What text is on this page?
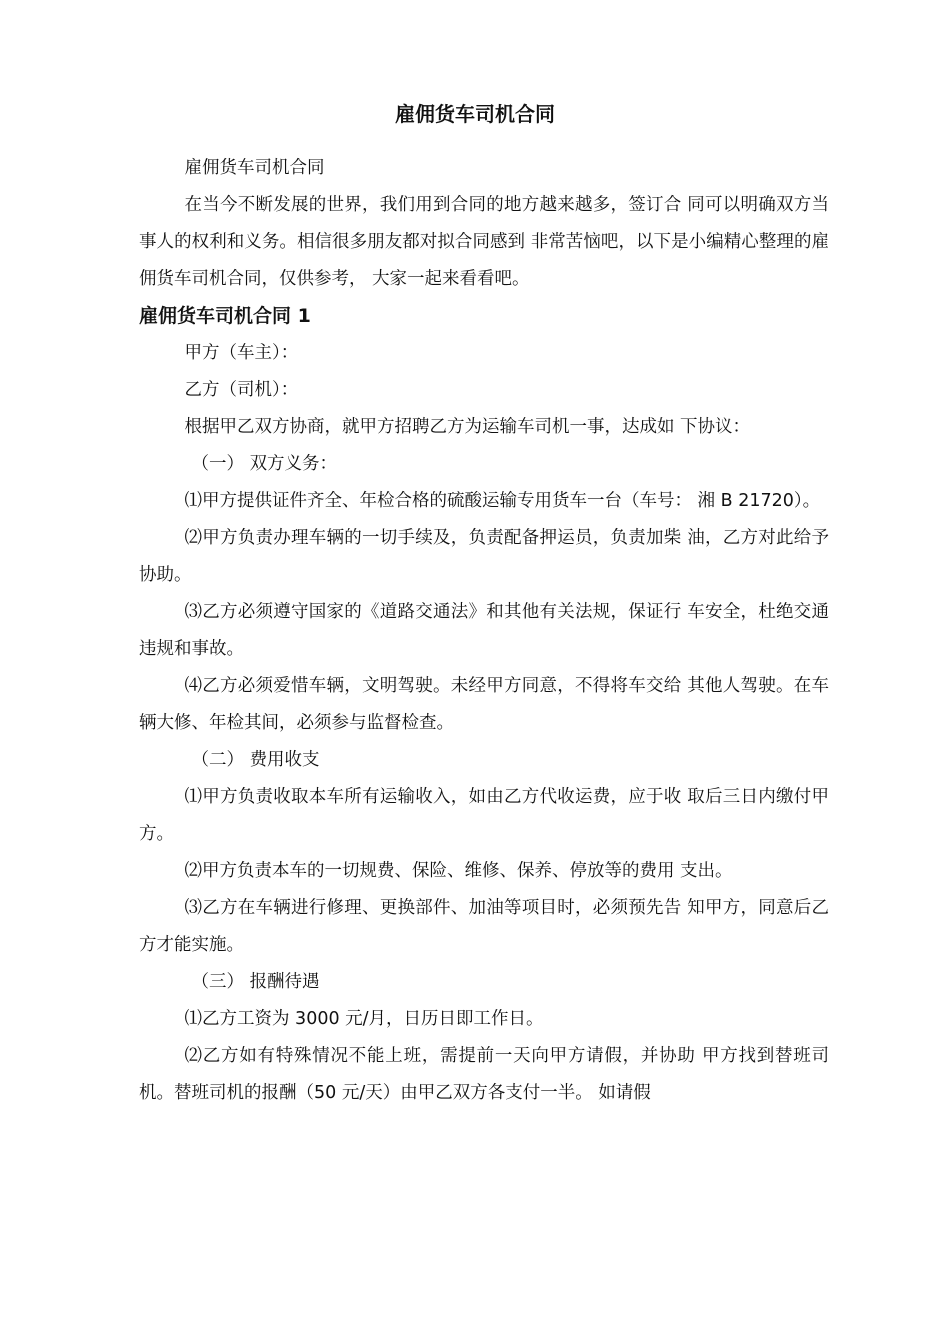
雇佣货车司机合同

雇佣货车司机合同

在当今不断发展的世界，我们用到合同的地方越来越多，签订合 同可以明确双方当事人的权利和义务。相信很多朋友都对拟合同感到 非常苦恼吧，以下是小编精心整理的雇佣货车司机合同，仅供参考， 大家一起来看看吧。

雇佣货车司机合同 1

甲方（车主）：

乙方（司机）：

根据甲乙双方协商，就甲方招聘乙方为运输车司机一事，达成如 下协议：

（一） 双方义务：

⑴甲方提供证件齐全、年检合格的硫酸运输专用货车一台（车号： 湘 B 21720）。

⑵甲方负责办理车辆的一切手续及，负责配备押运员，负责加柴 油，乙方对此给予协助。

⑶乙方必须遵守国家的《道路交通法》和其他有关法规，保证行 车安全，杜绝交通违规和事故。

⑷乙方必须爱惜车辆，文明驾驶。未经甲方同意，不得将车交给 其他人驾驶。在车辆大修、年检其间，必须参与监督检查。

（二） 费用收支

⑴甲方负责收取本车所有运输收入，如由乙方代收运费，应于收 取后三日内缴付甲方。

⑵甲方负责本车的一切规费、保险、维修、保养、停放等的费用 支出。

⑶乙方在车辆进行修理、更换部件、加油等项目时，必须预先告 知甲方，同意后乙方才能实施。

（三） 报酬待遇

⑴乙方工资为 3000 元/月，日历日即工作日。

⑵乙方如有特殊情况不能上班，需提前一天向甲方请假，并协助 甲方找到替班司机。替班司机的报酬（50 元/天）由甲乙双方各支付一半。 如请假
